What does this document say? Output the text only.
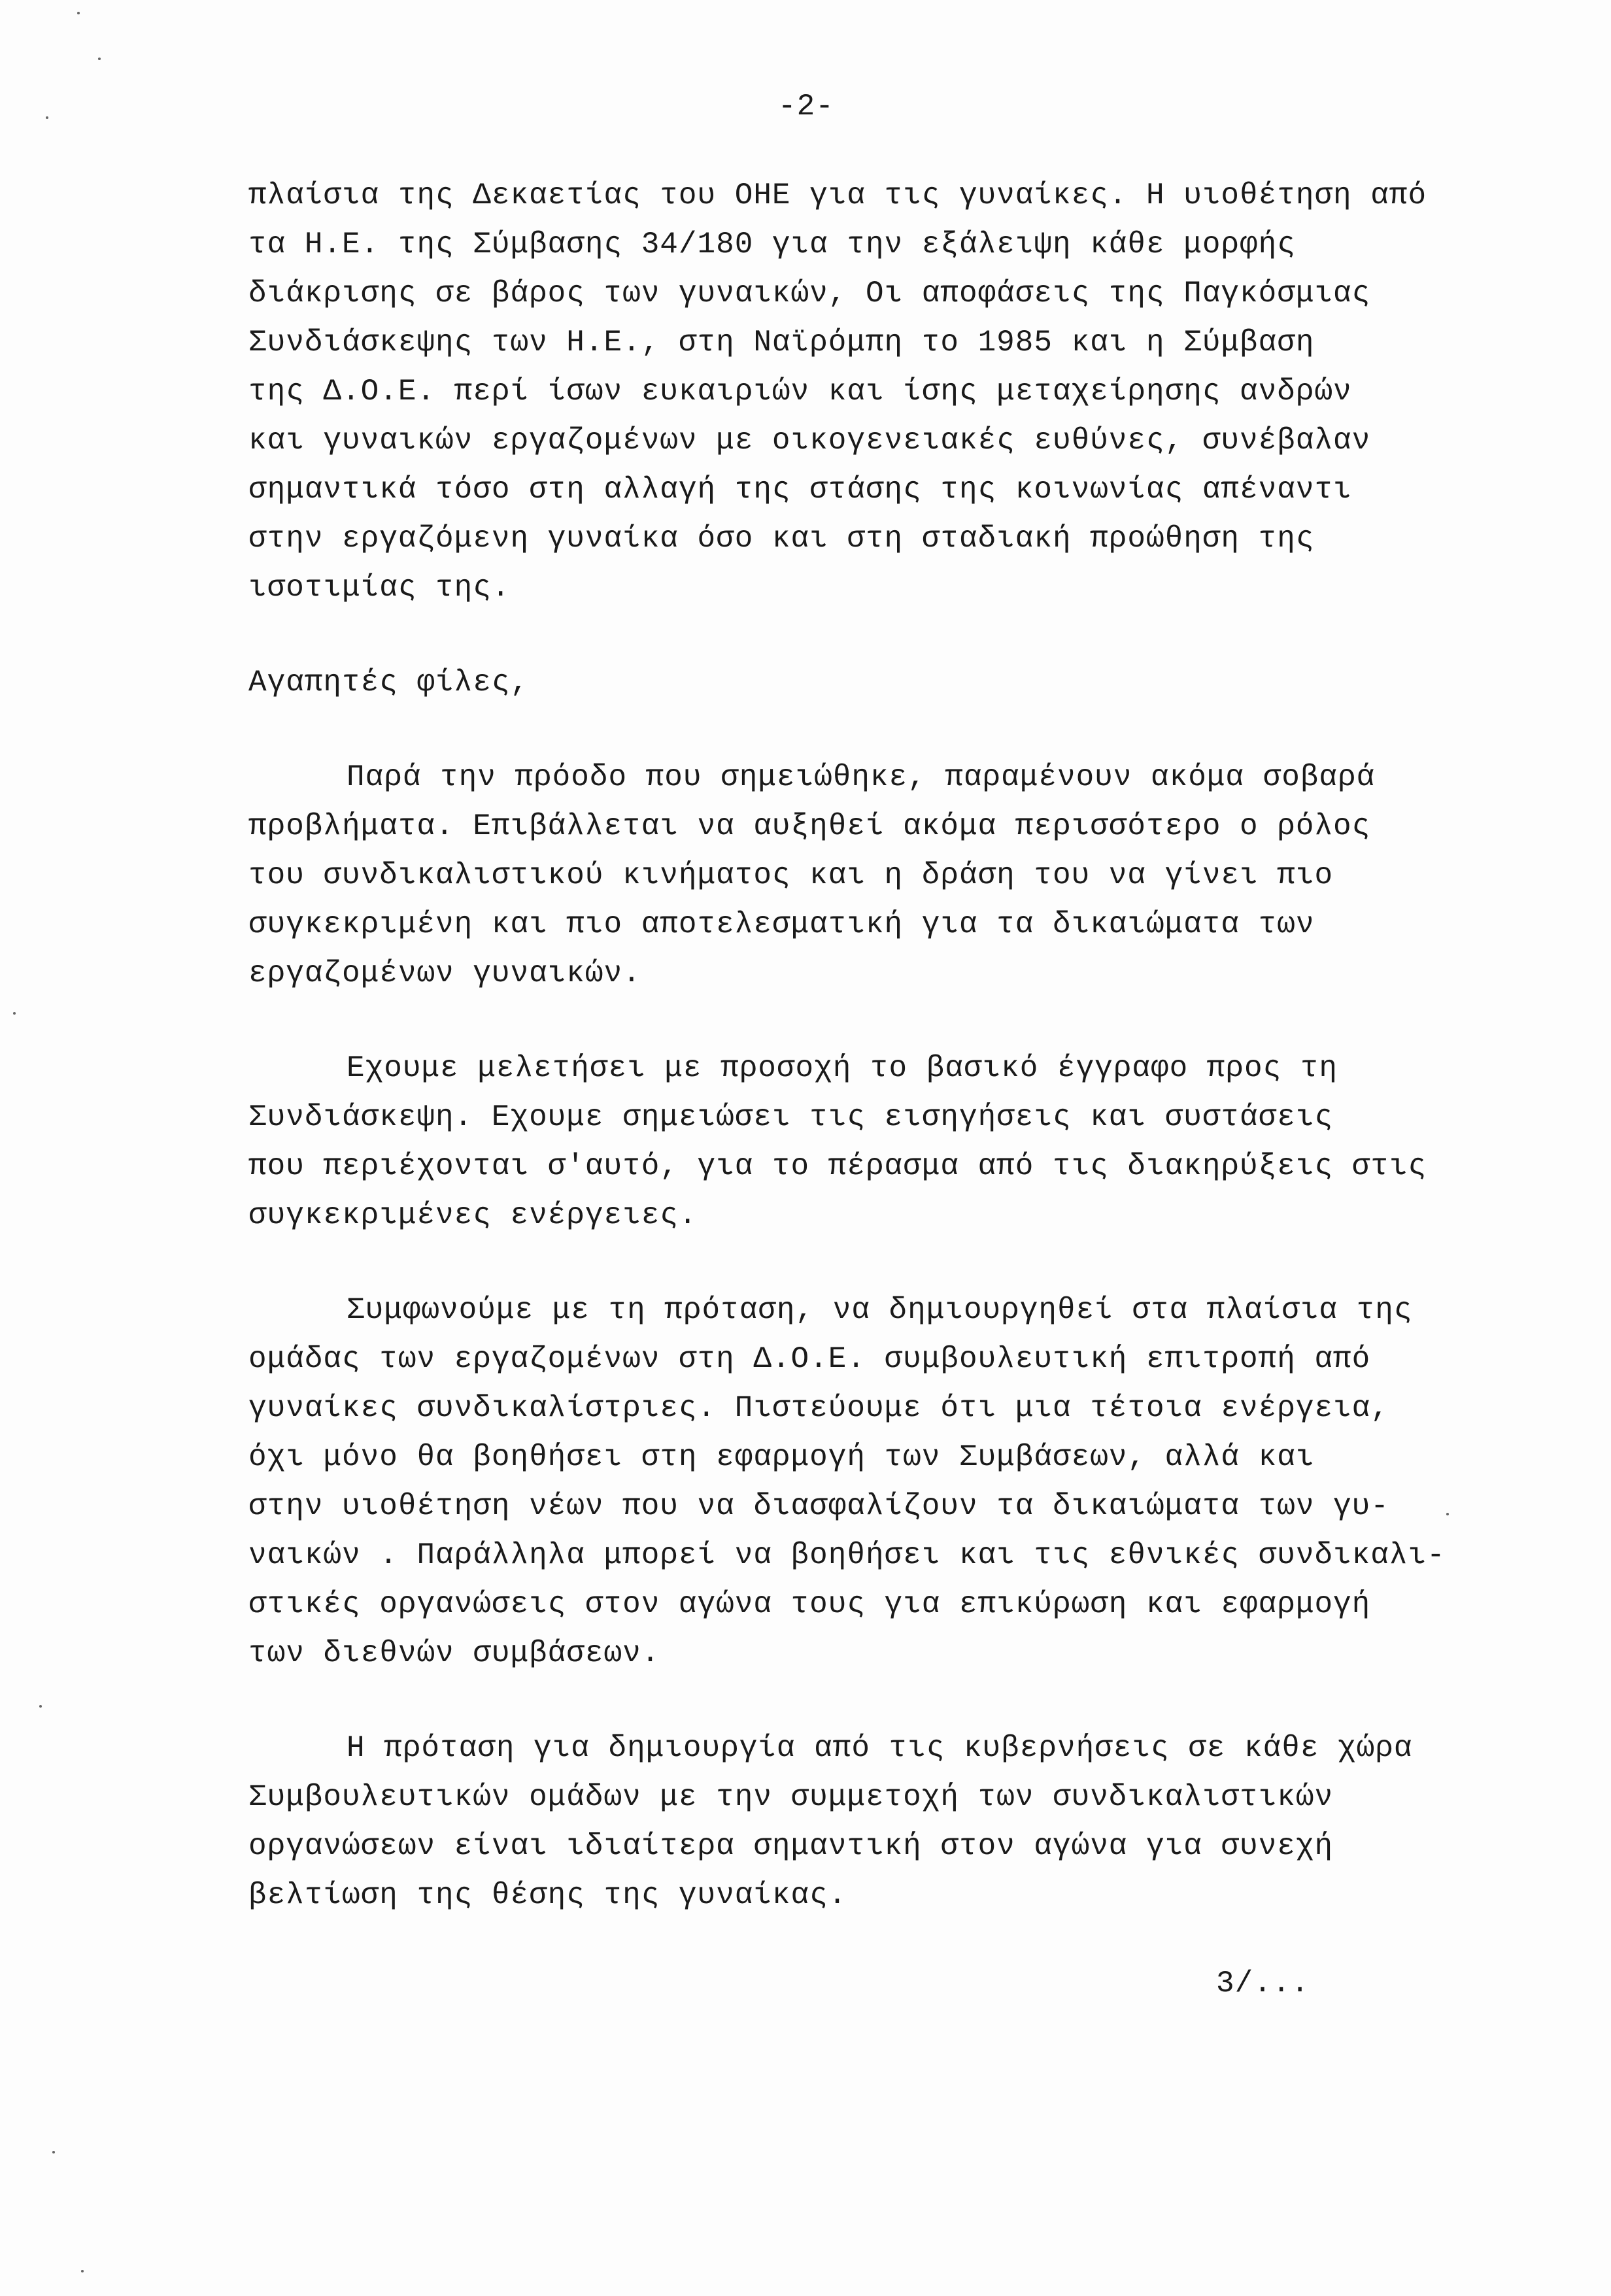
-2-
πλαίσια της Δεκαετίας του ΟΗΕ για τις γυναίκες. Η υιοθέτηση από
τα Η.Ε. της Σύμβασης 34/180 για την εξάλειψη κάθε μορφής
διάκρισης σε βάρος των γυναικών, Οι αποφάσεις της Παγκόσμιας
Συνδιάσκεψης των Η.Ε., στη Ναϊρόμπη το 1985 και η Σύμβαση
της Δ.Ο.Ε. περί ίσων ευκαιριών και ίσης μεταχείρησης ανδρών
και γυναικών εργαζομένων με οικογενειακές ευθύνες, συνέβαλαν
σημαντικά τόσο στη αλλαγή της στάσης της κοινωνίας απέναντι
στην εργαζόμενη γυναίκα όσο και στη σταδιακή προώθηση της
ισοτιμίας της.
Αγαπητές φίλες,
Παρά την πρόοδο που σημειώθηκε, παραμένουν ακόμα σοβαρά
προβλήματα. Επιβάλλεται να αυξηθεί ακόμα περισσότερο ο ρόλος
του συνδικαλιστικού κινήματος και η δράση του να γίνει πιο
συγκεκριμένη και πιο αποτελεσματική για τα δικαιώματα των
εργαζομένων γυναικών.
Εχουμε μελετήσει με προσοχή το βασικό έγγραφο προς τη
Συνδιάσκεψη. Εχουμε σημειώσει τις εισηγήσεις και συστάσεις
που περιέχονται σ'αυτό, για το πέρασμα από τις διακηρύξεις στις
συγκεκριμένες ενέργειες.
Συμφωνούμε με τη πρόταση, να δημιουργηθεί στα πλαίσια της
ομάδας των εργαζομένων στη Δ.Ο.Ε. συμβουλευτική επιτροπή από
γυναίκες συνδικαλίστριες. Πιστεύουμε ότι μια τέτοια ενέργεια,
όχι μόνο θα βοηθήσει στη εφαρμογή των Συμβάσεων, αλλά και
στην υιοθέτηση νέων που να διασφαλίζουν τα δικαιώματα των γυ-
ναικών . Παράλληλα μπορεί να βοηθήσει και τις εθνικές συνδικαλι-
στικές οργανώσεις στον αγώνα τους για επικύρωση και εφαρμογή
των διεθνών συμβάσεων.
Η πρόταση για δημιουργία από τις κυβερνήσεις σε κάθε χώρα
Συμβουλευτικών ομάδων με την συμμετοχή των συνδικαλιστικών
οργανώσεων είναι ιδιαίτερα σημαντική στον αγώνα για συνεχή
βελτίωση της θέσης της γυναίκας.
3/...
